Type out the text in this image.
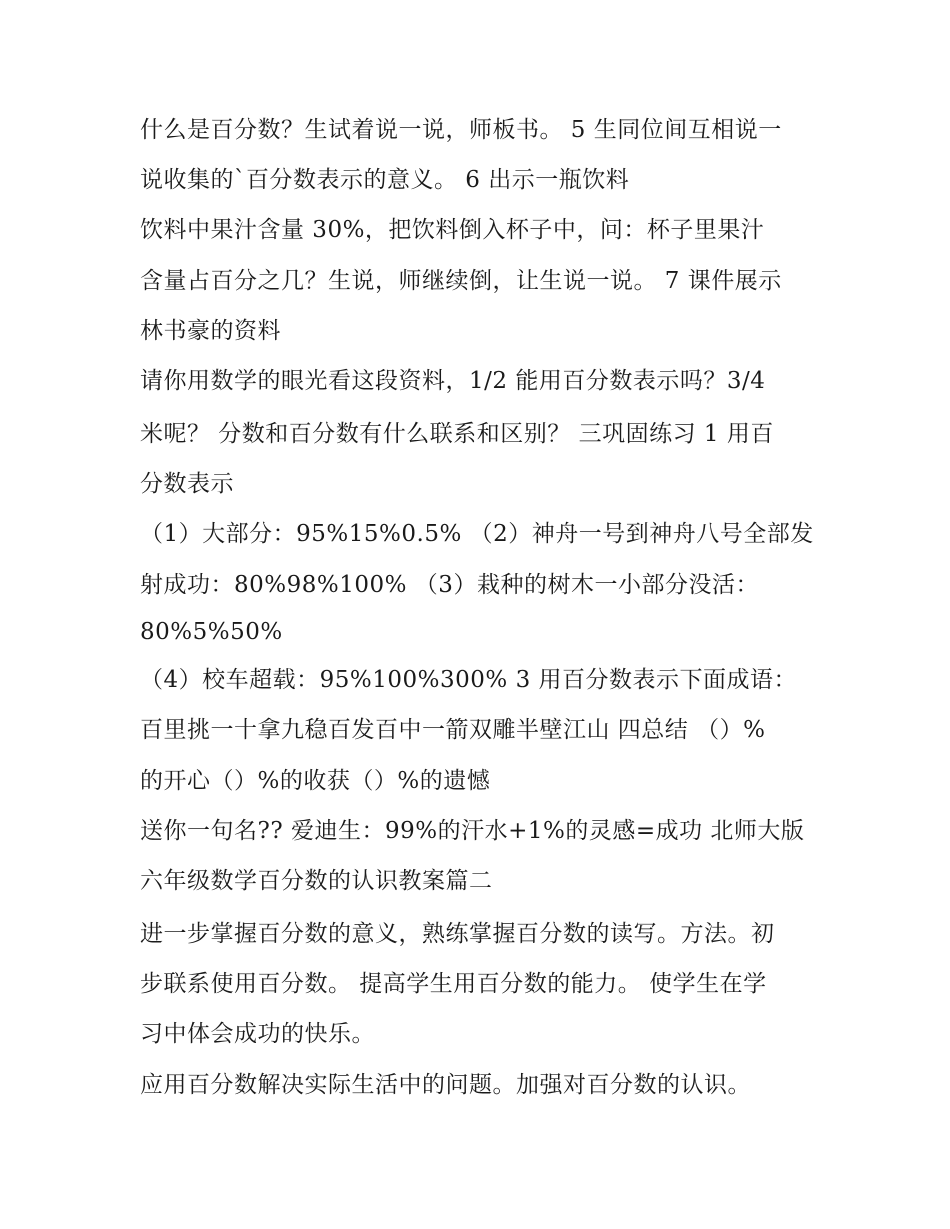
什么是百分数？生试着说一说，师板书。 5 生同位间互相说一
说收集的`百分数表示的意义。 6 出示一瓶饮料
饮料中果汁含量 30%，把饮料倒入杯子中，问：杯子里果汁
含量占百分之几？生说，师继续倒，让生说一说。 7 课件展示
林书豪的资料
请你用数学的眼光看这段资料，1/2 能用百分数表示吗？3/4
米呢？ 分数和百分数有什么联系和区别？ 三巩固练习 1 用百
分数表示
（1）大部分：95%15%0.5% （2）神舟一号到神舟八号全部发
射成功：80%98%100% （3）栽种的树木一小部分没活：
80%5%50%
（4）校车超载：95%100%300% 3 用百分数表示下面成语：
百里挑一十拿九稳百发百中一箭双雕半壁江山 四总结 （）%
的开心（）%的收获（）%的遗憾
送你一句名?? 爱迪生：99%的汗水+1%的灵感=成功 北师大版
六年级数学百分数的认识教案篇二
进一步掌握百分数的意义，熟练掌握百分数的读写。方法。初
步联系使用百分数。 提高学生用百分数的能力。 使学生在学
习中体会成功的快乐。
应用百分数解决实际生活中的问题。加强对百分数的认识。
